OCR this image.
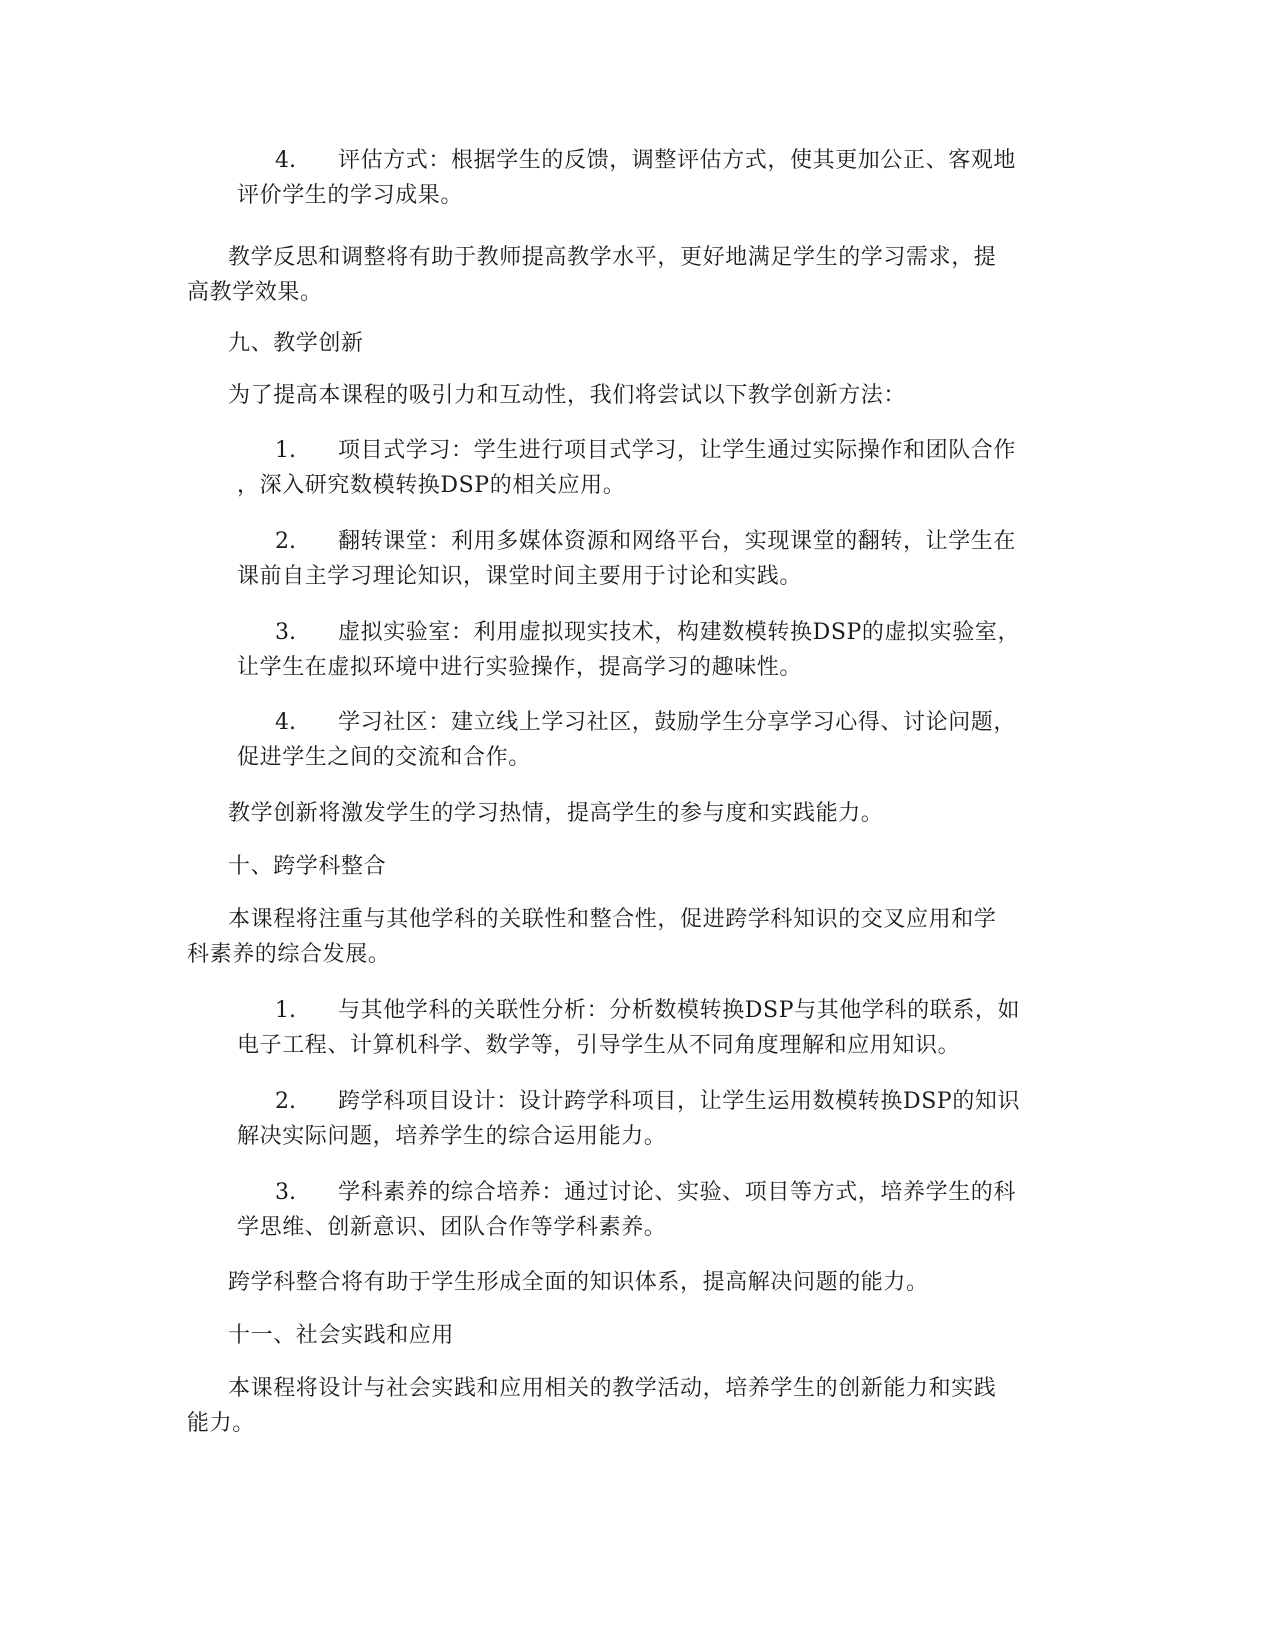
4. 评估方式：根据学生的反馈，调整评估方式，使其更加公正、客观地
评价学生的学习成果。
教学反思和调整将有助于教师提高教学水平，更好地满足学生的学习需求，提
高教学效果。
九、教学创新
为了提高本课程的吸引力和互动性，我们将尝试以下教学创新方法：
1. 项目式学习：学生进行项目式学习，让学生通过实际操作和团队合作
，深入研究数模转换DSP的相关应用。
2. 翻转课堂：利用多媒体资源和网络平台，实现课堂的翻转，让学生在
课前自主学习理论知识，课堂时间主要用于讨论和实践。
3. 虚拟实验室：利用虚拟现实技术，构建数模转换DSP的虚拟实验室，
让学生在虚拟环境中进行实验操作，提高学习的趣味性。
4. 学习社区：建立线上学习社区，鼓励学生分享学习心得、讨论问题，
促进学生之间的交流和合作。
教学创新将激发学生的学习热情，提高学生的参与度和实践能力。
十、跨学科整合
本课程将注重与其他学科的关联性和整合性，促进跨学科知识的交叉应用和学
科素养的综合发展。
1. 与其他学科的关联性分析：分析数模转换DSP与其他学科的联系，如
电子工程、计算机科学、数学等，引导学生从不同角度理解和应用知识。
2. 跨学科项目设计：设计跨学科项目，让学生运用数模转换DSP的知识
解决实际问题，培养学生的综合运用能力。
3. 学科素养的综合培养：通过讨论、实验、项目等方式，培养学生的科
学思维、创新意识、团队合作等学科素养。
跨学科整合将有助于学生形成全面的知识体系，提高解决问题的能力。
十一、社会实践和应用
本课程将设计与社会实践和应用相关的教学活动，培养学生的创新能力和实践
能力。
